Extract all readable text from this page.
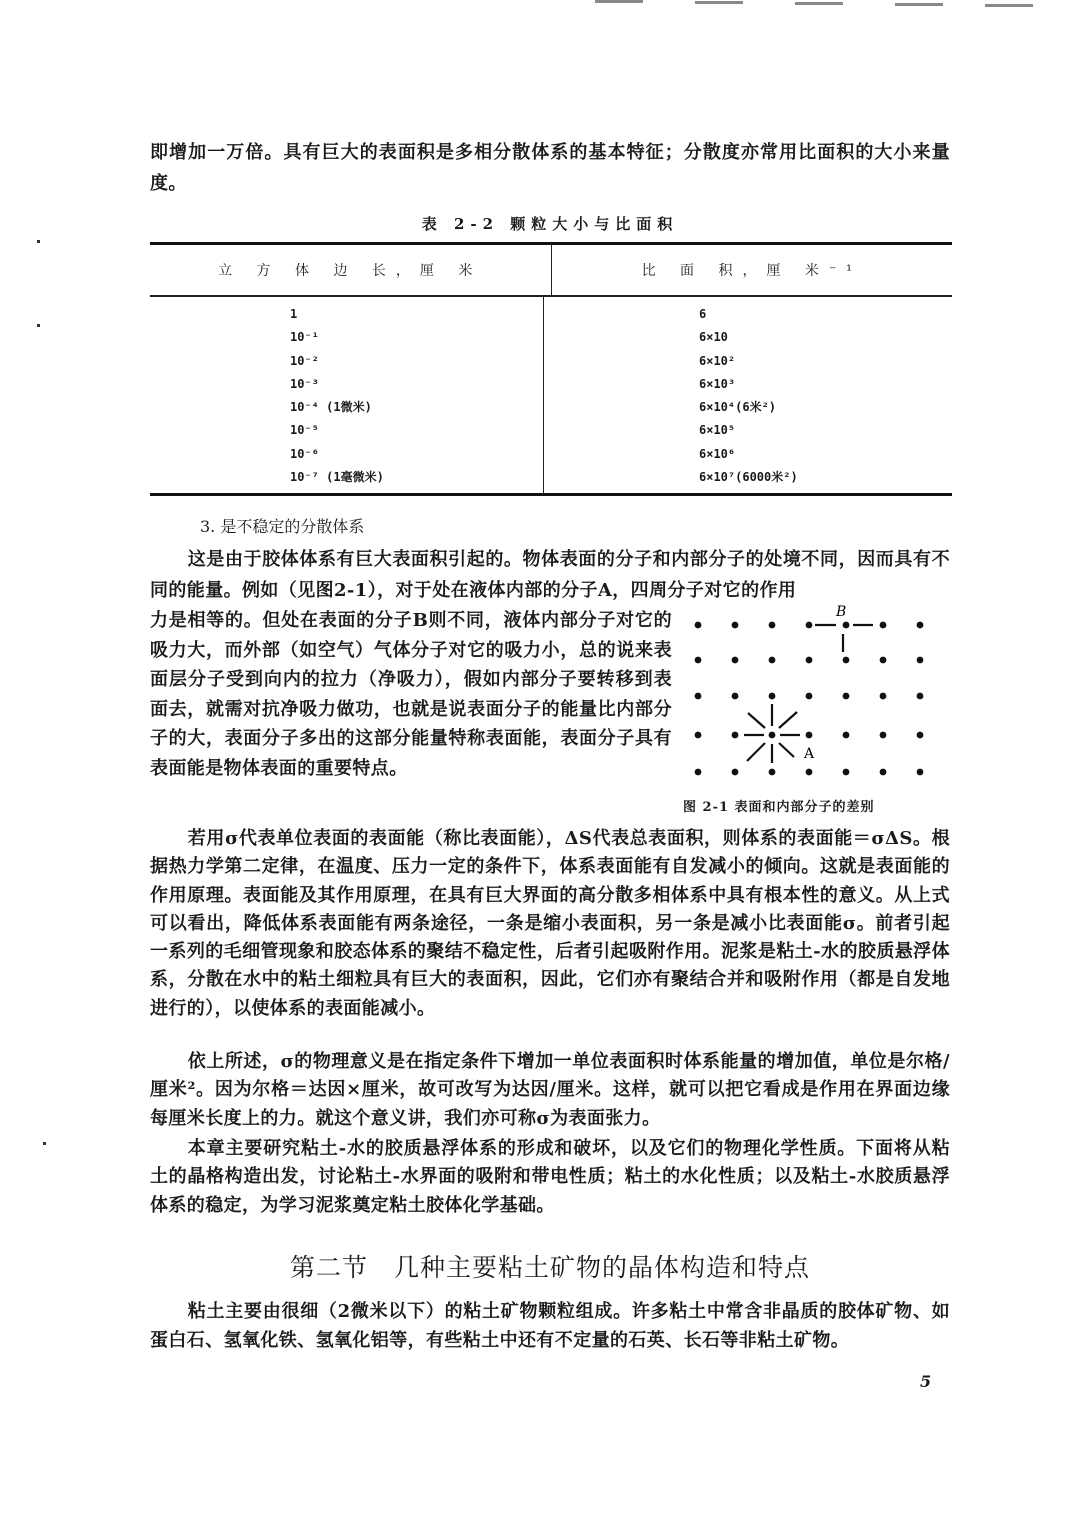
即增加一万倍。具有巨大的表面积是多相分散体系的基本特征；分散度亦常用比面积的大小来量度。
表 2-2 颗粒大小与比面积
立 方 体 边 长，厘 米	比 面 积，厘 米⁻¹
1
10⁻¹
10⁻²
10⁻³
10⁻⁴ (1微米)
10⁻⁵
10⁻⁶
10⁻⁷ (1毫微米)
6
6×10
6×10²
6×10³
6×10⁴(6米²)
6×10⁵
6×10⁶
6×10⁷(6000米²)
3. 是不稳定的分散体系
这是由于胶体体系有巨大表面积引起的。物体表面的分子和内部分子的处境不同，因而具有不同的能量。例如（见图2-1），对于处在液体内部的分子A，四周分子对它的作用
力是相等的。但处在表面的分子B则不同，液体内部分子对它的吸力大，而外部（如空气）气体分子对它的吸力小，总的说来表面层分子受到向内的拉力（净吸力），假如内部分子要转移到表面去，就需对抗净吸力做功，也就是说表面分子的能量比内部分子的大，表面分子多出的这部分能量特称表面能，表面分子具有表面能是物体表面的重要特点。
B
A
图 2-1 表面和内部分子的差别
若用σ代表单位表面的表面能（称比表面能），ΔS代表总表面积，则体系的表面能＝σΔS。根据热力学第二定律，在温度、压力一定的条件下，体系表面能有自发减小的倾向。这就是表面能的作用原理。表面能及其作用原理，在具有巨大界面的高分散多相体系中具有根本性的意义。从上式可以看出，降低体系表面能有两条途径，一条是缩小表面积，另一条是减小比表面能σ。前者引起一系列的毛细管现象和胶态体系的聚结不稳定性，后者引起吸附作用。泥浆是粘土-水的胶质悬浮体系，分散在水中的粘土细粒具有巨大的表面积，因此，它们亦有聚结合并和吸附作用（都是自发地进行的），以使体系的表面能减小。
依上所述，σ的物理意义是在指定条件下增加一单位表面积时体系能量的增加值，单位是尔格/厘米²。因为尔格＝达因×厘米，故可改写为达因/厘米。这样，就可以把它看成是作用在界面边缘每厘米长度上的力。就这个意义讲，我们亦可称σ为表面张力。
本章主要研究粘土-水的胶质悬浮体系的形成和破坏，以及它们的物理化学性质。下面将从粘土的晶格构造出发，讨论粘土-水界面的吸附和带电性质；粘土的水化性质；以及粘土-水胶质悬浮体系的稳定，为学习泥浆奠定粘土胶体化学基础。
第二节　几种主要粘土矿物的晶体构造和特点
粘土主要由很细（2微米以下）的粘土矿物颗粒组成。许多粘土中常含非晶质的胶体矿物、如蛋白石、氢氧化铁、氢氧化铝等，有些粘土中还有不定量的石英、长石等非粘土矿物。
5
